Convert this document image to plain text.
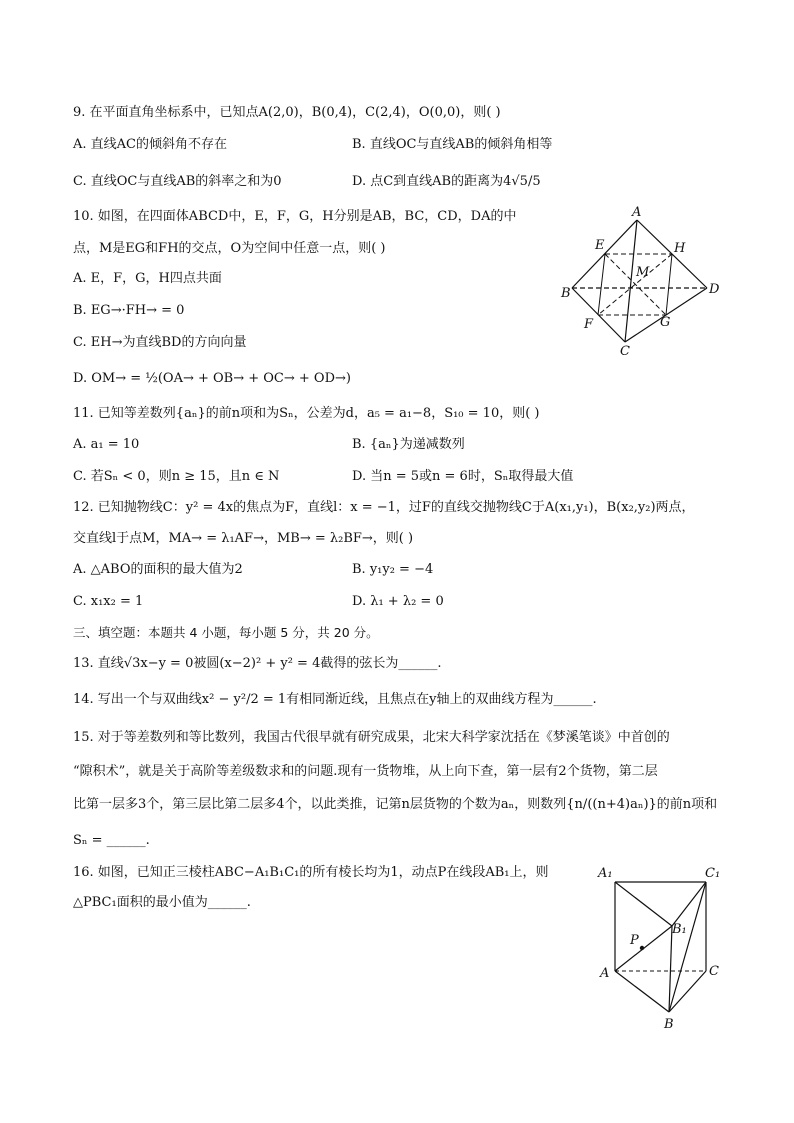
9. 在平面直角坐标系中，已知点A(2,0)，B(0,4)，C(2,4)，O(0,0)，则( )
A. 直线AC的倾斜角不存在	B. 直线OC与直线AB的倾斜角相等
C. 直线OC与直线AB的斜率之和为0	D. 点C到直线AB的距离为4√5/5
10. 如图，在四面体ABCD中，E，F，G，H分别是AB，BC，CD，DA的中
点，M是EG和FH的交点，O为空间中任意一点，则( )
A. E，F，G，H四点共面
B. EG→·FH→ = 0
C. EH→为直线BD的方向向量
D. OM→ = ½(OA→ + OB→ + OC→ + OD→)
A
E	H
M
B	D
F	G
C
11. 已知等差数列{aₙ}的前n项和为Sₙ，公差为d，a₅ = a₁−8，S₁₀ = 10，则( )
A. a₁ = 10	B. {aₙ}为递减数列
C. 若Sₙ < 0，则n ≥ 15，且n ∈ N	D. 当n = 5或n = 6时，Sₙ取得最大值
12. 已知抛物线C：y² = 4x的焦点为F，直线l：x = −1，过F的直线交抛物线C于A(x₁,y₁)，B(x₂,y₂)两点，
交直线l于点M，MA→ = λ₁AF→，MB→ = λ₂BF→，则( )
A. △ABO的面积的最大值为2	B. y₁y₂ = −4
C. x₁x₂ = 1	D. λ₁ + λ₂ = 0
三、填空题：本题共 4 小题，每小题 5 分，共 20 分。
13. 直线√3x−y = 0被圆(x−2)² + y² = 4截得的弦长为______.
14. 写出一个与双曲线x² − y²/2 = 1有相同渐近线，且焦点在y轴上的双曲线方程为______.
15. 对于等差数列和等比数列，我国古代很早就有研究成果，北宋大科学家沈括在《梦溪笔谈》中首创的
“隙积术”，就是关于高阶等差级数求和的问题.现有一货物堆，从上向下查，第一层有2个货物，第二层
比第一层多3个，第三层比第二层多4个，以此类推，记第n层货物的个数为aₙ，则数列{n/((n+4)aₙ)}的前n项和
Sₙ = ______.
16. 如图，已知正三棱柱ABC−A₁B₁C₁的所有棱长均为1，动点P在线段AB₁上，则
△PBC₁面积的最小值为______.
A₁	C₁
B₁
P
A	C
B
